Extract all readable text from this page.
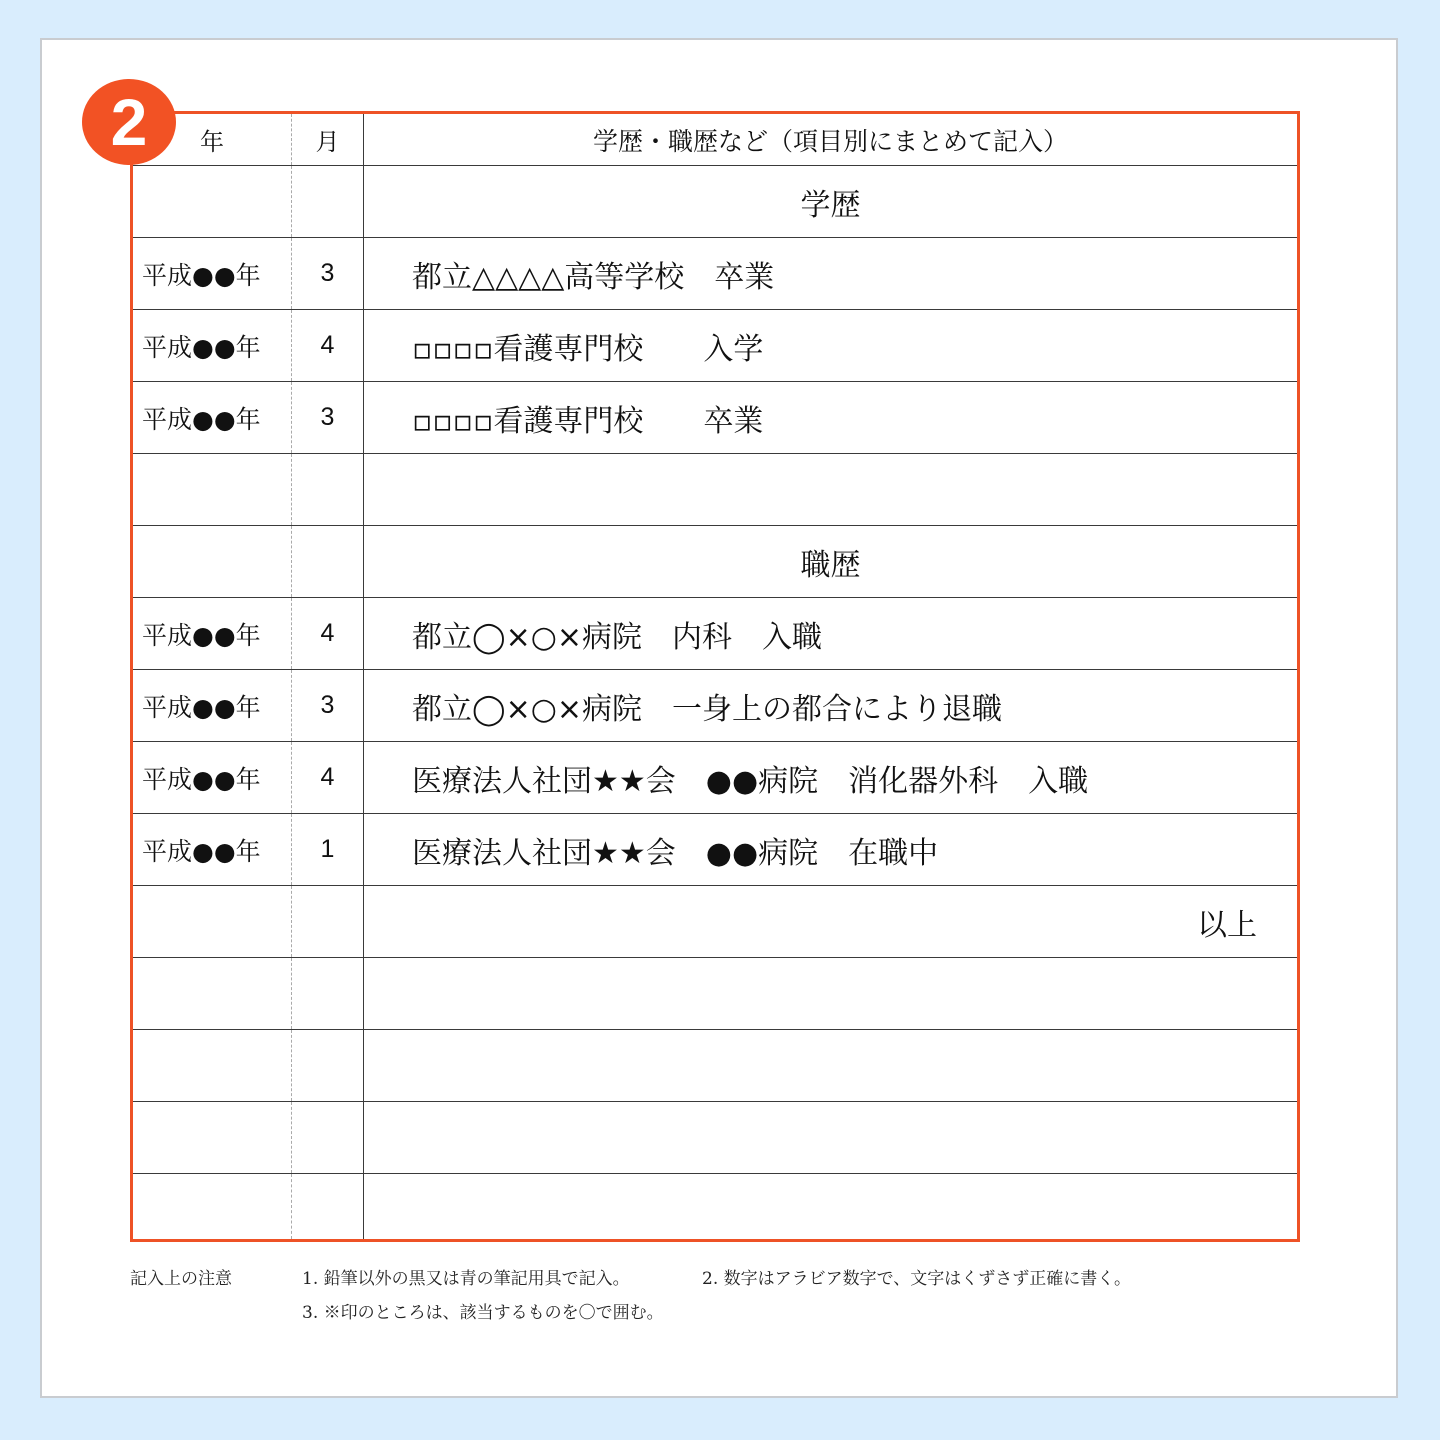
2	年	月	学歴・職歴など（項目別にまとめて記入）
学歴
平成●●年	3	都立△△△△高等学校　卒業
平成●●年	4	▫▫▫▫看護専門校　　入学
平成●●年	3	▫▫▫▫看護専門校　　卒業
職歴
平成●●年	4	都立◯×○×病院　内科　入職
平成●●年	3	都立◯×○×病院　一身上の都合により退職
平成●●年	4	医療法人社団★★会　●●病院　消化器外科　入職
平成●●年	1	医療法人社団★★会　●●病院　在職中
以上
記入上の注意	1. 鉛筆以外の黒又は青の筆記用具で記入。	2. 数字はアラビア数字で、文字はくずさず正確に書く。
3. ※印のところは、該当するものを〇で囲む。
